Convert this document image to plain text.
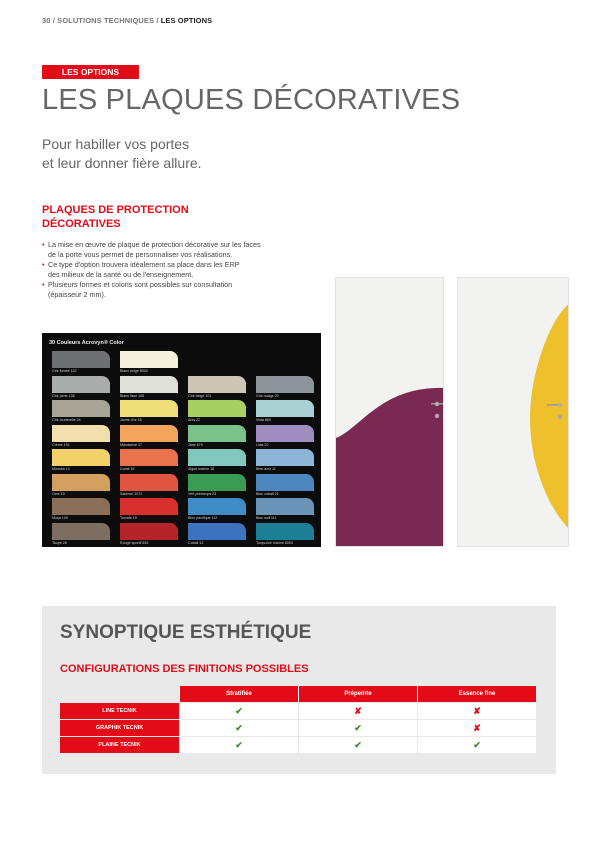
30 / SOLUTIONS TECHNIQUES / LES OPTIONS
LES OPTIONS
LES PLAQUES DÉCORATIVES
Pour habiller vos portes
et leur donner fière allure.
PLAQUES DE PROTECTION
DÉCORATIVES
• La mise en œuvre de plaque de protection décorative sur les faces
de la porte vous permet de personnaliser vos réalisations.
• Ce type d'option trouvera idéalement sa place dans les ERP
des milieux de la santé ou de l'enseignement.
• Plusieurs formes et coloris sont possibles sur consultation
(épaisseur 2 mm).
30 Couleurs Acrovyn® Color
Gris fumée 152	Blanc neige 8003
Gris perle 138	Blanc lissé 108	Gris beige 101	Gris nuage 20
Gris tourterelle 24	Jaune d'or 16	Anis 22	Vista 865
Crème 151	Mandarine 17	Jade 879	Lilas 20
Mimosa 14	Corail 18	Aigue marine 16	Bleu azur 11
Ocre 15	Saumon 1072	Vert printemps 23	Bleu cobalt 21
Moka 109	Tomate 19	Bleu pacifique 112	Bleu nuit 111
Taupe 28	Rouge sportif 845	Cobalt 12	Turquoise marine 8003
SYNOPTIQUE ESTHÉTIQUE
CONFIGURATIONS DES FINITIONS POSSIBLES
	Stratifiée	Prépeinte	Essence fine
LINE TECNIK	✔	✘	✘
GRAPHIK TECNIK	✔	✔	✘
PLAINE TECNIK	✔	✔	✔
